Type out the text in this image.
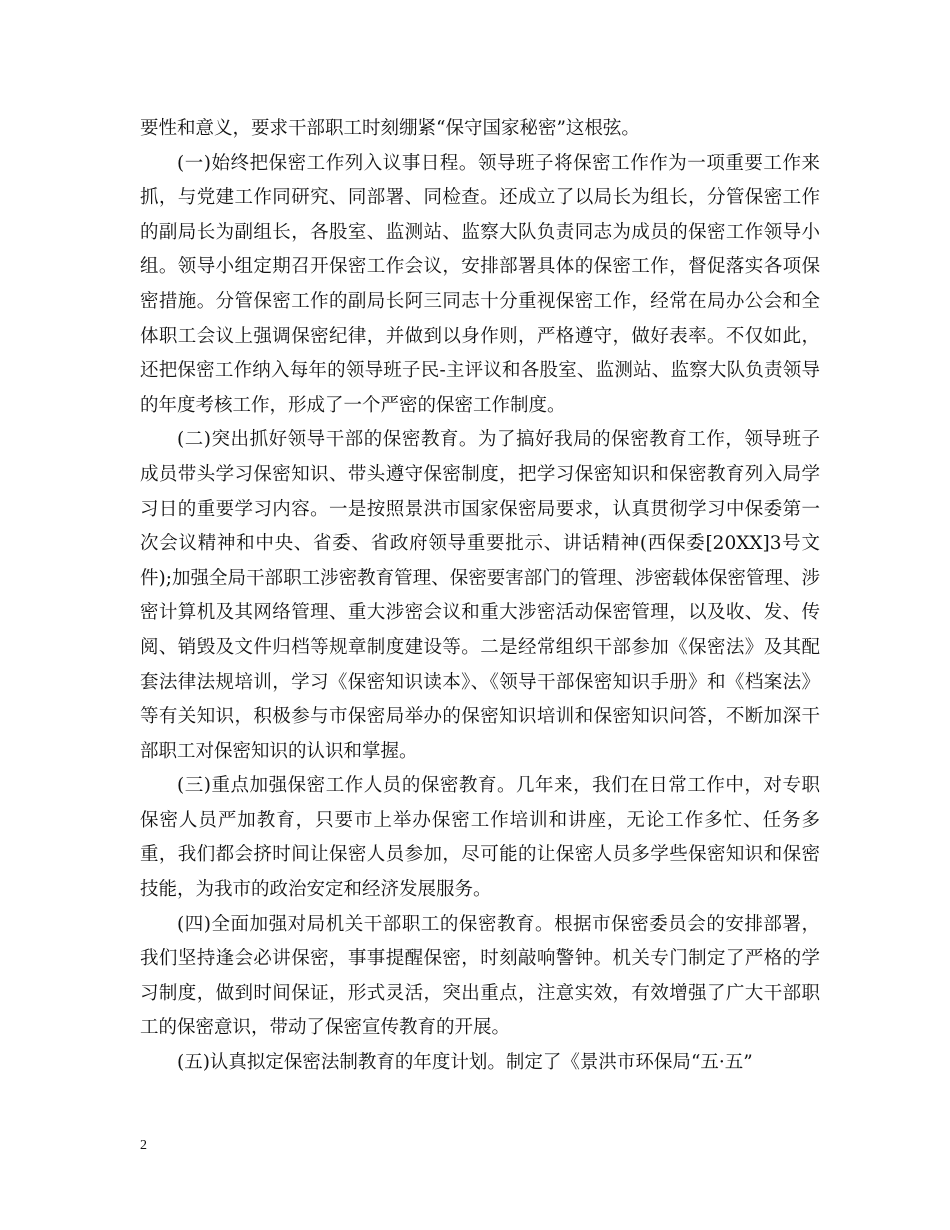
要性和意义，要求干部职工时刻绷紧“保守国家秘密”这根弦。

(一)始终把保密工作列入议事日程。领导班子将保密工作作为一项重要工作来抓，与党建工作同研究、同部署、同检查。还成立了以局长为组长，分管保密工作的副局长为副组长，各股室、监测站、监察大队负责同志为成员的保密工作领导小组。领导小组定期召开保密工作会议，安排部署具体的保密工作，督促落实各项保密措施。分管保密工作的副局长阿三同志十分重视保密工作，经常在局办公会和全体职工会议上强调保密纪律，并做到以身作则，严格遵守，做好表率。不仅如此，还把保密工作纳入每年的领导班子民-主评议和各股室、监测站、监察大队负责领导的年度考核工作，形成了一个严密的保密工作制度。

(二)突出抓好领导干部的保密教育。为了搞好我局的保密教育工作，领导班子成员带头学习保密知识、带头遵守保密制度，把学习保密知识和保密教育列入局学习日的重要学习内容。一是按照景洪市国家保密局要求，认真贯彻学习中保委第一次会议精神和中央、省委、省政府领导重要批示、讲话精神(西保委[20XX]3号文件);加强全局干部职工涉密教育管理、保密要害部门的管理、涉密载体保密管理、涉密计算机及其网络管理、重大涉密会议和重大涉密活动保密管理，以及收、发、传阅、销毁及文件归档等规章制度建设等。二是经常组织干部参加《保密法》及其配套法律法规培训，学习《保密知识读本》、《领导干部保密知识手册》和《档案法》等有关知识，积极参与市保密局举办的保密知识培训和保密知识问答，不断加深干部职工对保密知识的认识和掌握。

(三)重点加强保密工作人员的保密教育。几年来，我们在日常工作中，对专职保密人员严加教育，只要市上举办保密工作培训和讲座，无论工作多忙、任务多重，我们都会挤时间让保密人员参加，尽可能的让保密人员多学些保密知识和保密技能，为我市的政治安定和经济发展服务。

(四)全面加强对局机关干部职工的保密教育。根据市保密委员会的安排部署，我们坚持逢会必讲保密，事事提醒保密，时刻敲响警钟。机关专门制定了严格的学习制度，做到时间保证，形式灵活，突出重点，注意实效，有效增强了广大干部职工的保密意识，带动了保密宣传教育的开展。

(五)认真拟定保密法制教育的年度计划。制定了《景洪市环保局“五·五”

2
